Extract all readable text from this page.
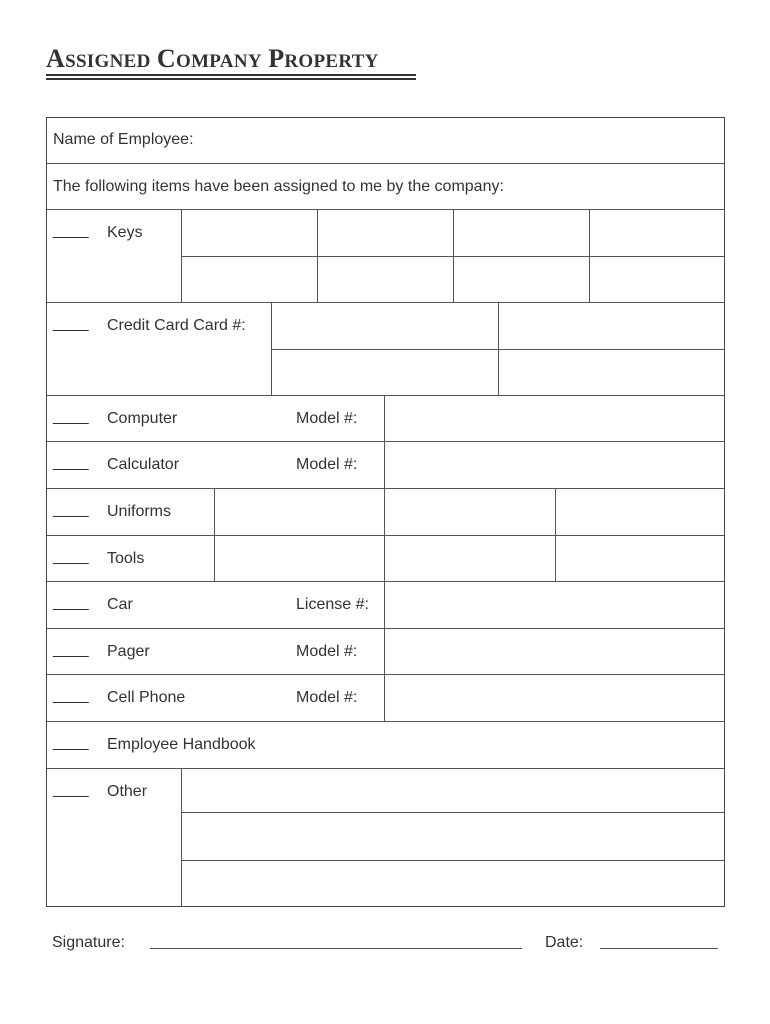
ASSIGNED COMPANY PROPERTY
Name of Employee:
The following items have been assigned to me by the company:
____ Keys
____ Credit Card Card #:
____ Computer	Model #:
____ Calculator	Model #:
____ Uniforms
____ Tools
____ Car	License #:
____ Pager	Model #:
____ Cell Phone	Model #:
____ Employee Handbook
____ Other
Signature:	Date:
